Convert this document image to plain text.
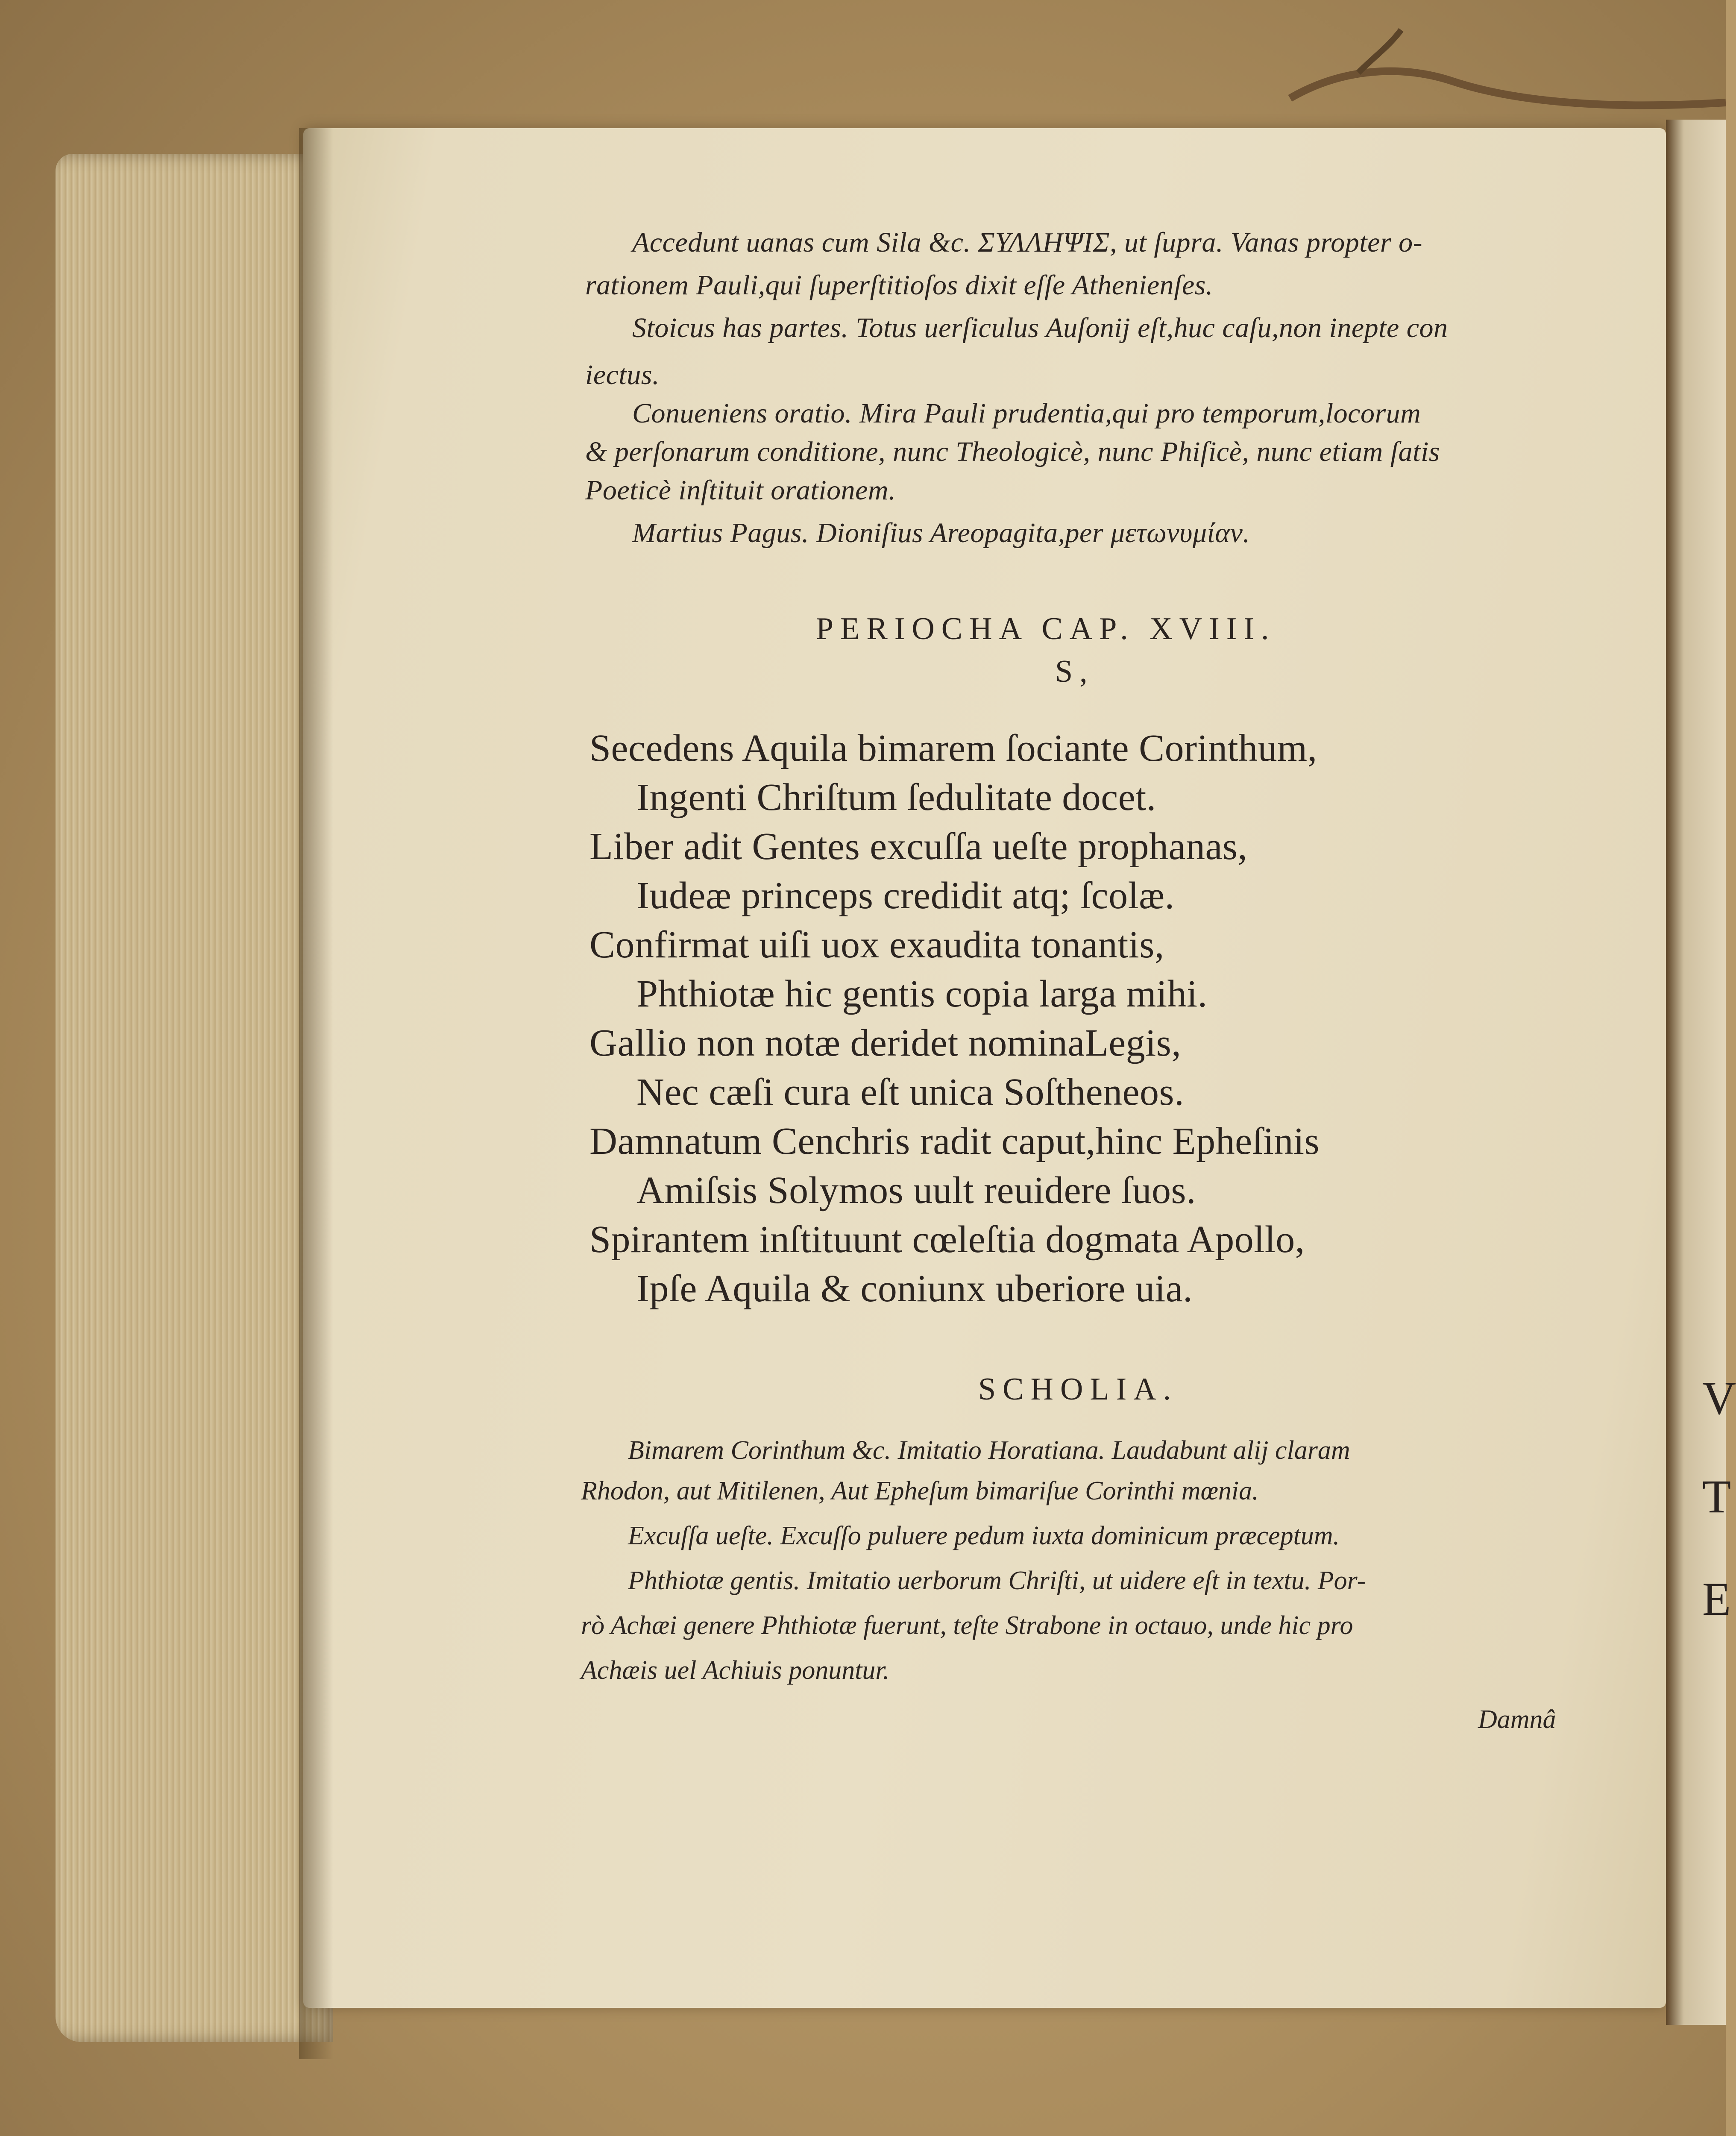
V
T
E
Accedunt uanas cum Sila &c. ΣΥΛΛΗΨΙΣ, ut ſupra. Vanas propter o-
rationem Pauli,qui ſuperſtitioſos dixit eſſe Athenienſes.
Stoicus has partes. Totus uerſiculus Auſonij eſt,huc caſu,non inepte con
iectus.
Conueniens oratio. Mira Pauli prudentia,qui pro temporum,locorum
& perſonarum conditione, nunc Theologicè, nunc Phiſicè, nunc etiam ſatis
Poeticè inſtituit orationem.
Martius Pagus. Dioniſius Areopagita,per μετωνυμίαν.
PERIOCHA CAP. XVIII.
S,
Secedens Aquila bimarem ſociante Corinthum,
Ingenti Chriſtum ſedulitate docet.
Liber adit Gentes excuſſa ueſte prophanas,
Iudeæ princeps credidit atq; ſcolæ.
Confirmat uiſi uox exaudita tonantis,
Phthiotæ hic gentis copia larga mihi.
Gallio non notæ deridet nominaLegis,
Nec cæſi cura eſt unica Soſtheneos.
Damnatum Cenchris radit caput,hinc Epheſinis
Amiſsis Solymos uult reuidere ſuos.
Spirantem inſtituunt cœleſtia dogmata Apollo,
Ipſe Aquila & coniunx uberiore uia.
SCHOLIA.
Bimarem Corinthum &c. Imitatio Horatiana. Laudabunt alij claram
Rhodon, aut Mitilenen, Aut Epheſum bimariſue Corinthi mœnia.
Excuſſa ueſte. Excuſſo puluere pedum iuxta dominicum præceptum.
Phthiotæ gentis. Imitatio uerborum Chriſti, ut uidere eſt in textu. Por-
rò Achæi genere Phthiotæ fuerunt, teſte Strabone in octauo, unde hic pro
Achæis uel Achiuis ponuntur.
Damnâ
